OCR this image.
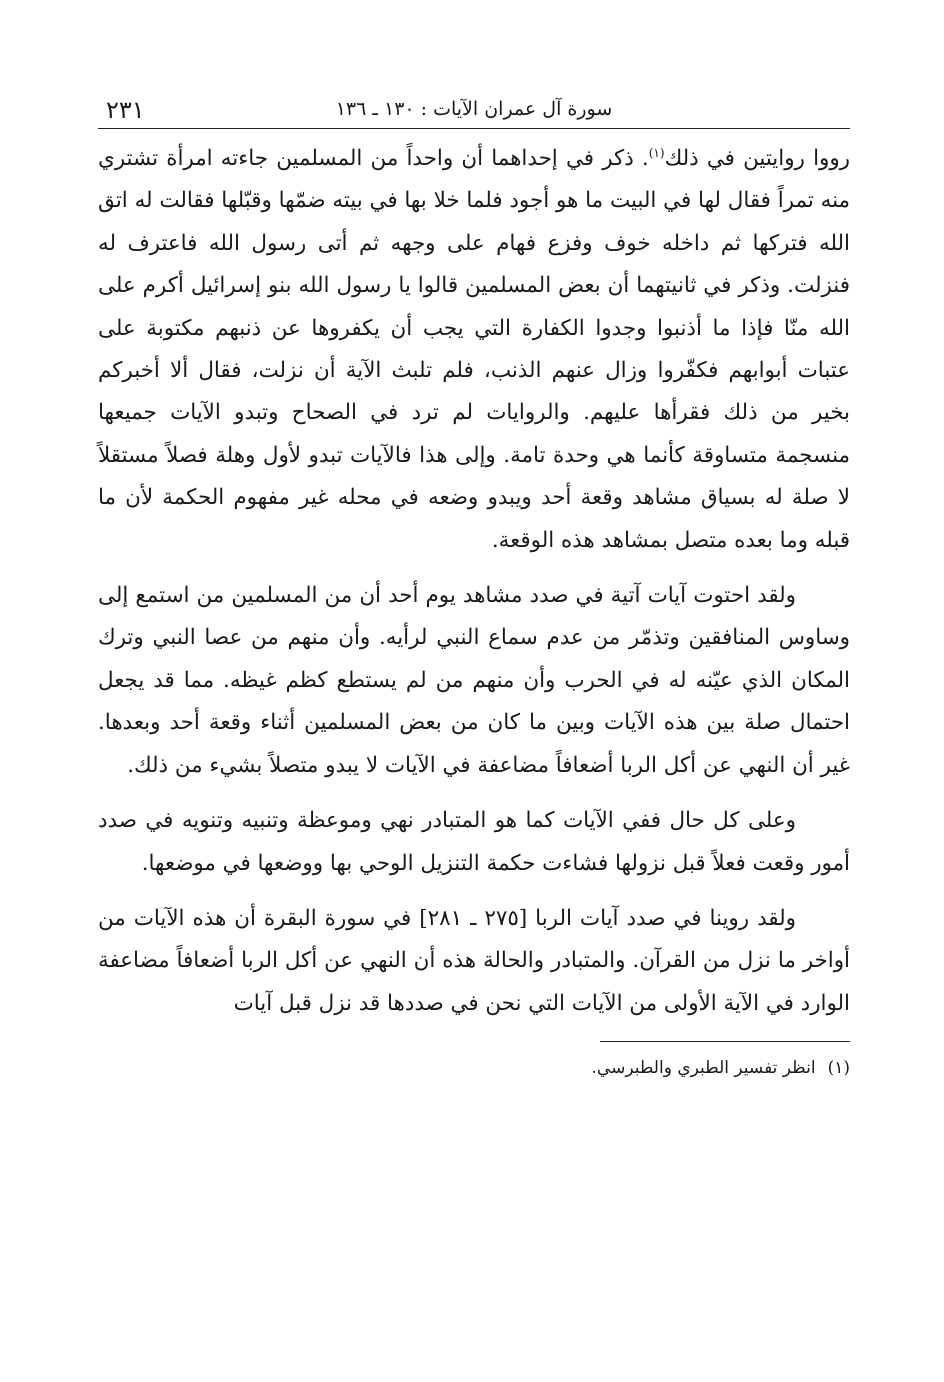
سورة آل عمران الآيات : ١٣٠ ـ ١٣٦
٢٣١

رووا روايتين في ذلك$^{(١)}$. ذكر في إحداهما أن واحداً من المسلمين جاءته امرأة تشتري منه تمراً فقال لها في البيت ما هو أجود فلما خلا بها في بيته ضمّها وقبّلها فقالت له اتق الله فتركها ثم داخله خوف وفزع فهام على وجهه ثم أتى رسول الله فاعترف له فنزلت. وذكر في ثانيتهما أن بعض المسلمين قالوا يا رسول الله بنو إسرائيل أكرم على الله منّا فإذا ما أذنبوا وجدوا الكفارة التي يجب أن يكفروها عن ذنبهم مكتوبة على عتبات أبوابهم فكفّروا وزال عنهم الذنب، فلم تلبث الآية أن نزلت، فقال ألا أخبركم بخير من ذلك فقرأها عليهم. والروايات لم ترد في الصحاح وتبدو الآيات جميعها منسجمة متساوقة كأنما هي وحدة تامة. وإلى هذا فالآيات تبدو لأول وهلة فصلاً مستقلاً لا صلة له بسياق مشاهد وقعة أحد ويبدو وضعه في محله غير مفهوم الحكمة لأن ما قبله وما بعده متصل بمشاهد هذه الوقعة.

ولقد احتوت آيات آتية في صدد مشاهد يوم أحد أن من المسلمين من استمع إلى وساوس المنافقين وتذمّر من عدم سماع النبي لرأيه. وأن منهم من عصا النبي وترك المكان الذي عيّنه له في الحرب وأن منهم من لم يستطع كظم غيظه. مما قد يجعل احتمال صلة بين هذه الآيات وبين ما كان من بعض المسلمين أثناء وقعة أحد وبعدها. غير أن النهي عن أكل الربا أضعافاً مضاعفة في الآيات لا يبدو متصلاً بشيء من ذلك.

وعلى كل حال ففي الآيات كما هو المتبادر نهي وموعظة وتنبيه وتنويه في صدد أمور وقعت فعلاً قبل نزولها فشاءت حكمة التنزيل الوحي بها ووضعها في موضعها.

ولقد روينا في صدد آيات الربا [٢٧٥ ـ ٢٨١] في سورة البقرة أن هذه الآيات من أواخر ما نزل من القرآن. والمتبادر والحالة هذه أن النهي عن أكل الربا أضعافاً مضاعفة الوارد في الآية الأولى من الآيات التي نحن في صددها قد نزل قبل آيات

(١)انظر تفسير الطبري والطبرسي.
